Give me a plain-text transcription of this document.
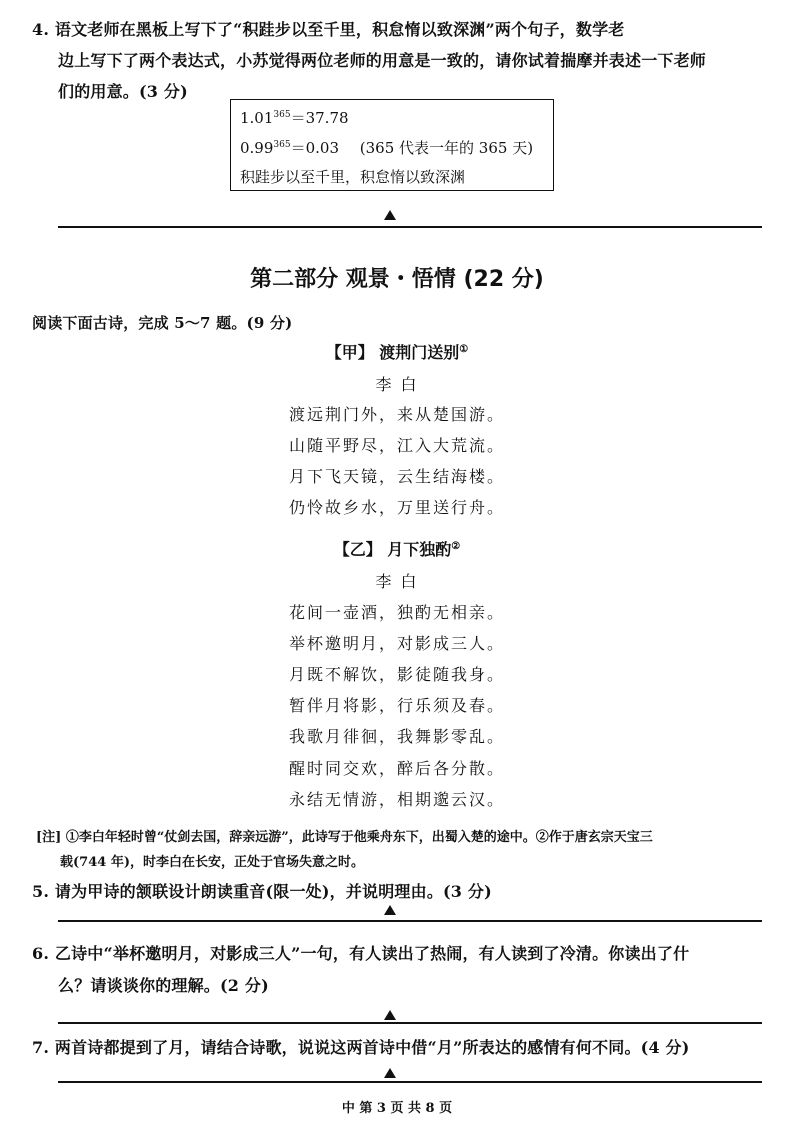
4. 语文老师在黑板上写下了“积跬步以至千里，积怠惰以致深渊”两个句子，数学老
边上写下了两个表达式，小苏觉得两位老师的用意是一致的，请你试着揣摩并表述一下老师
们的用意。(3 分)
$1.01^{365}=37.78$
$0.99^{365}=0.03$ (365 代表一年的 365 天)
积跬步以至千里，积怠惰以致深渊
第二部分 观景・悟情 (22 分)
阅读下面古诗，完成 5～7 题。(9 分)
【甲】 渡荆门送别①
李 白
渡远荆门外，来从楚国游。
山随平野尽，江入大荒流。
月下飞天镜，云生结海楼。
仍怜故乡水，万里送行舟。
【乙】 月下独酌②
李 白
花间一壶酒，独酌无相亲。
举杯邀明月，对影成三人。
月既不解饮，影徒随我身。
暂伴月将影，行乐须及春。
我歌月徘徊，我舞影零乱。
醒时同交欢，醉后各分散。
永结无情游，相期邈云汉。
[注] ①李白年轻时曾“仗剑去国，辞亲远游”，此诗写于他乘舟东下，出蜀入楚的途中。②作于唐玄宗天宝三
载(744 年)，时李白在长安，正处于官场失意之时。
5. 请为甲诗的颔联设计朗读重音(限一处)，并说明理由。(3 分)
6. 乙诗中“举杯邀明月，对影成三人”一句，有人读出了热闹，有人读到了冷清。你读出了什
么？请谈谈你的理解。(2 分)
7. 两首诗都提到了月，请结合诗歌，说说这两首诗中借“月”所表达的感情有何不同。(4 分)
中 第 3 页 共 8 页
